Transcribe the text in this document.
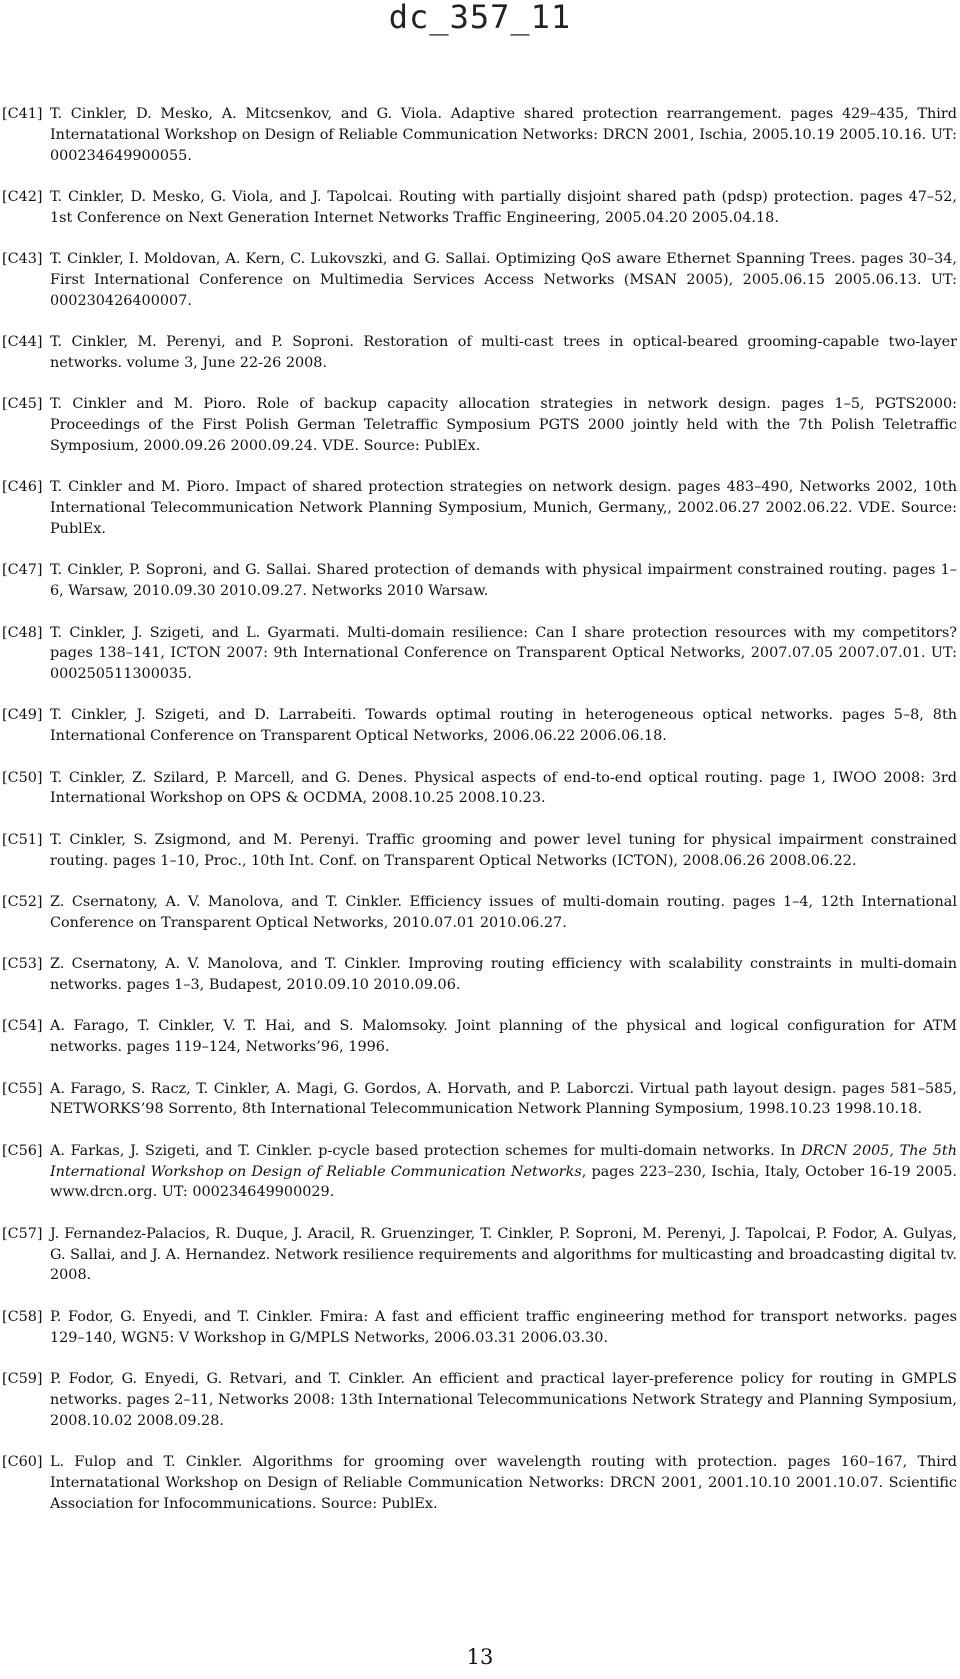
dc_357_11
[C41] T. Cinkler, D. Mesko, A. Mitcsenkov, and G. Viola. Adaptive shared protection rearrangement. pages 429–435, Third Internatational Workshop on Design of Reliable Communication Networks: DRCN 2001, Ischia, 2005.10.19 2005.10.16. UT: 000234649900055.
[C42] T. Cinkler, D. Mesko, G. Viola, and J. Tapolcai. Routing with partially disjoint shared path (pdsp) protection. pages 47–52, 1st Conference on Next Generation Internet Networks Traffic Engineering, 2005.04.20 2005.04.18.
[C43] T. Cinkler, I. Moldovan, A. Kern, C. Lukovszki, and G. Sallai. Optimizing QoS aware Ethernet Spanning Trees. pages 30–34, First International Conference on Multimedia Services Access Networks (MSAN 2005), 2005.06.15 2005.06.13. UT: 000230426400007.
[C44] T. Cinkler, M. Perenyi, and P. Soproni. Restoration of multi-cast trees in optical-beared grooming-capable two-layer networks. volume 3, June 22-26 2008.
[C45] T. Cinkler and M. Pioro. Role of backup capacity allocation strategies in network design. pages 1–5, PGTS2000: Proceedings of the First Polish German Teletraffic Symposium PGTS 2000 jointly held with the 7th Polish Teletraffic Symposium, 2000.09.26 2000.09.24. VDE. Source: PublEx.
[C46] T. Cinkler and M. Pioro. Impact of shared protection strategies on network design. pages 483–490, Networks 2002, 10th International Telecommunication Network Planning Symposium, Munich, Germany,, 2002.06.27 2002.06.22. VDE. Source: PublEx.
[C47] T. Cinkler, P. Soproni, and G. Sallai. Shared protection of demands with physical impairment constrained routing. pages 1–6, Warsaw, 2010.09.30 2010.09.27. Networks 2010 Warsaw.
[C48] T. Cinkler, J. Szigeti, and L. Gyarmati. Multi-domain resilience: Can I share protection resources with my competitors? pages 138–141, ICTON 2007: 9th International Conference on Transparent Optical Networks, 2007.07.05 2007.07.01. UT: 000250511300035.
[C49] T. Cinkler, J. Szigeti, and D. Larrabeiti. Towards optimal routing in heterogeneous optical networks. pages 5–8, 8th International Conference on Transparent Optical Networks, 2006.06.22 2006.06.18.
[C50] T. Cinkler, Z. Szilard, P. Marcell, and G. Denes. Physical aspects of end-to-end optical routing. page 1, IWOO 2008: 3rd International Workshop on OPS & OCDMA, 2008.10.25 2008.10.23.
[C51] T. Cinkler, S. Zsigmond, and M. Perenyi. Traffic grooming and power level tuning for physical impairment constrained routing. pages 1–10, Proc., 10th Int. Conf. on Transparent Optical Networks (ICTON), 2008.06.26 2008.06.22.
[C52] Z. Csernatony, A. V. Manolova, and T. Cinkler. Efficiency issues of multi-domain routing. pages 1–4, 12th International Conference on Transparent Optical Networks, 2010.07.01 2010.06.27.
[C53] Z. Csernatony, A. V. Manolova, and T. Cinkler. Improving routing efficiency with scalability constraints in multi-domain networks. pages 1–3, Budapest, 2010.09.10 2010.09.06.
[C54] A. Farago, T. Cinkler, V. T. Hai, and S. Malomsoky. Joint planning of the physical and logical configuration for ATM networks. pages 119–124, Networks’96, 1996.
[C55] A. Farago, S. Racz, T. Cinkler, A. Magi, G. Gordos, A. Horvath, and P. Laborczi. Virtual path layout design. pages 581–585, NETWORKS’98 Sorrento, 8th International Telecommunication Network Planning Symposium, 1998.10.23 1998.10.18.
[C56] A. Farkas, J. Szigeti, and T. Cinkler. p-cycle based protection schemes for multi-domain networks. In DRCN 2005, The 5th International Workshop on Design of Reliable Communication Networks, pages 223–230, Ischia, Italy, October 16-19 2005. www.drcn.org. UT: 000234649900029.
[C57] J. Fernandez-Palacios, R. Duque, J. Aracil, R. Gruenzinger, T. Cinkler, P. Soproni, M. Perenyi, J. Tapolcai, P. Fodor, A. Gulyas, G. Sallai, and J. A. Hernandez. Network resilience requirements and algorithms for multicasting and broadcasting digital tv. 2008.
[C58] P. Fodor, G. Enyedi, and T. Cinkler. Fmira: A fast and efficient traffic engineering method for transport networks. pages 129–140, WGN5: V Workshop in G/MPLS Networks, 2006.03.31 2006.03.30.
[C59] P. Fodor, G. Enyedi, G. Retvari, and T. Cinkler. An efficient and practical layer-preference policy for routing in GMPLS networks. pages 2–11, Networks 2008: 13th International Telecommunications Network Strategy and Planning Symposium, 2008.10.02 2008.09.28.
[C60] L. Fulop and T. Cinkler. Algorithms for grooming over wavelength routing with protection. pages 160–167, Third Internatational Workshop on Design of Reliable Communication Networks: DRCN 2001, 2001.10.10 2001.10.07. Scientific Association for Infocommunications. Source: PublEx.
13
